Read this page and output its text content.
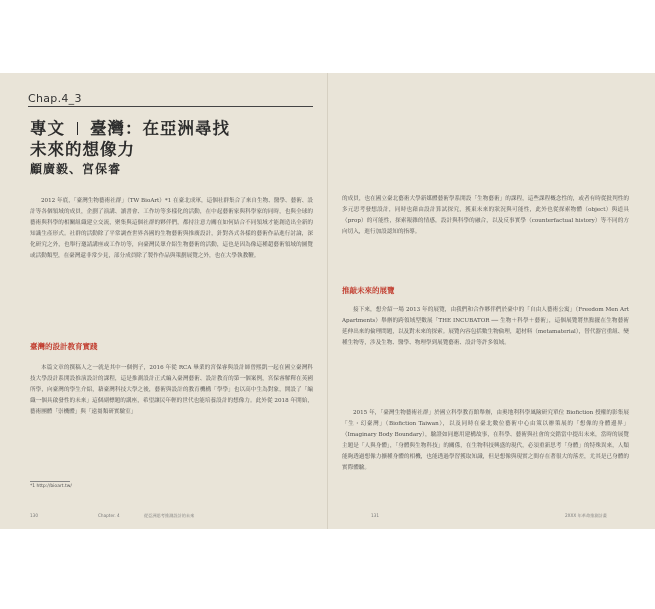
Chap.4_3
專文 臺灣：在亞洲尋找
未來的想像力
顧廣毅、宮保睿

2012 年底，「臺灣生物藝術社群」（TW BioArt）*1 在臺北成軍，這個社群集合了來自生物、醫學、藝術、設計等各個領域的成員，企劃了演講、讀書會、工作坊等多樣化的活動，在中起藝術家與科學家的同時，也與全球的藝術與科學的相關組織建立交流，聚集與這個社群的夥伴們，都持注意力關在如何結合不同領域才能創造出全新的知識生產形式。社群的活動除了平常調查世界各國的生物藝術與推廣設計，針對各式各樣的藝術作品進行討論，深化研究之外，也舉行邀請講座或工作坊等，向臺灣民眾介紹生物藝術的活動，這也是因為像這種超藝術領域的圖覽或活動類型，在臺灣還非常少見，部分成員除了製作作品與策劃展覽之外，也在大學執教鞭。

臺灣的設計教育實踐

本篇文章的撰稿人之一就是其中一個例子，2016 年從 RCA 畢業的宮保睿與設計師曾熙凱一起在國立臺灣科技大學設計系開設推演設計的課程，這是推測設計正式編入臺灣藝術、設計教育的第一個案例，宮保睿解釋在英國所學，向臺灣的學生介紹，藉臺灣科技大學之後，藝術與設計的教育機構「學學」也以高中生為對象，開設了「編織一個具啟發性的未來」這個副標題的講座，希望讓民年輕的世代也能培養設計的想像力。此外從 2018 年開始，藝術團體「崇機體」與「遠芻類研實驗室」

*1 http://bioart.tw/
130	Chapter. 4	從亞洲思考推測設計的未來

的成員，也在國立臺北藝術大學新媒體藝術學系開設「生物藝術」的課程，這些課程概念性的，或者有時從批判性的多元思考發想設計，同時也藉由設計算試探究，獲東未來的狀況與可能性，此外也從探索物體（object）與道具（prop）的可能性，探索報雜的情感，設計與科學的融合，以及反事實學（counterfactual history）等不同的方向切入，進行加設認知的指導。

推敲未來的展覽

接下來，想介紹一場 2013 年的展覽，由我們和合作夥伴們於臺中的「自由人藝術公寓」（Freedom Men Art Apartments）舉辦的跨領域型數展「THE INCUBATOR ── 生物＋科學＋藝術」，這個展覽將焦點擺在生物藝術延伸出來的倫理問題，以及對未來的探索。展覽內容包括數生物倫理，超材料（metamaterial），替代器官重組、變種生物等，涉及生物、醫學、物理學到展覽藝術、設計等許多領域。

2015 年，「臺灣生物藝術社群」於國立科學教育館舉辦，由奧地利科學風險研究單位 Biofiction 授權的影集展「生・幻臺灣」（Biofiction Taiwan），以及同時在臺北數位藝術中心由策以辦策展的「想像的身體邊界」（Imaginary Body Boundary），驗證如同應用建構故事，在科學、藝術與社會的交錯當中提出未來，當時的展覽主題是「人與身體」，「身體與生物科技」的關係，在生物科技興盛的現代，必須重新思考「身體」的特殊異來，人類能夠透過想像力擴種身體的相機，也能透過學習獲取知識，但是想像與現實之間存在著很大的落差，尤其是已身體的實際體驗。

131	2XXX 年革命推測計畫
